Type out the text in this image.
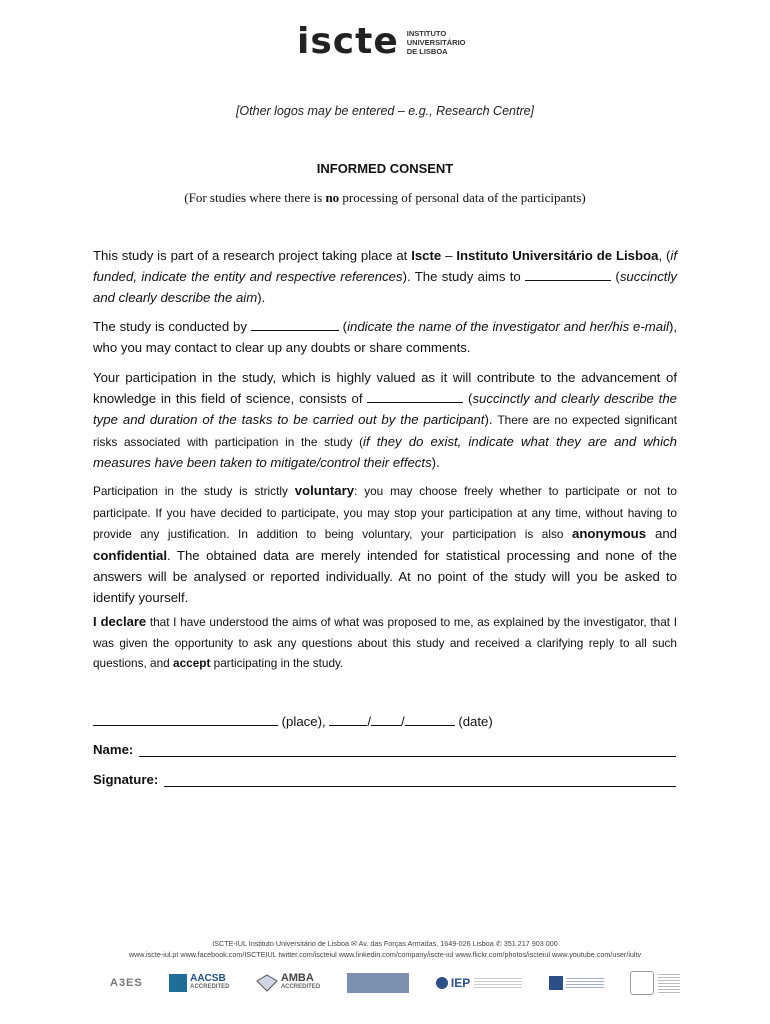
iscte INSTITUTO
UNIVERSITÁRIO
DE LISBOA
[Other logos may be entered – e.g., Research Centre]
INFORMED CONSENT
(For studies where there is no processing of personal data of the participants)
This study is part of a research project taking place at Iscte – Instituto Universitário de Lisboa, (if funded, indicate the entity and respective references). The study aims to	(succinctly and clearly describe the aim).
The study is conducted by	(indicate the name of the investigator and her/his e-mail), who you may contact to clear up any doubts or share comments.
Your participation in the study, which is highly valued as it will contribute to the advancement of knowledge in this field of science, consists of	(succinctly and clearly describe the type and duration of the tasks to be carried out by the participant). There are no expected significant risks associated with participation in the study (if they do exist, indicate what they are and which measures have been taken to mitigate/control their effects).
Participation in the study is strictly voluntary: you may choose freely whether to participate or not to participate. If you have decided to participate, you may stop your participation at any time, without having to provide any justification. In addition to being voluntary, your participation is also anonymous and confidential. The obtained data are merely intended for statistical processing and none of the answers will be analysed or reported individually. At no point of the study will you be asked to identify yourself.
I declare that I have understood the aims of what was proposed to me, as explained by the investigator, that I was given the opportunity to ask any questions about this study and received a clarifying reply to all such questions, and accept participating in the study.
(place),	/ /	(date)
Name:
Signature:
ISCTE-IUL Instituto Universitário de Lisboa ✉ Av. das Forças Armadas, 1649-026 Lisboa ✆ 351 217 903 000
www.iscte-iul.pt www.facebook.com/ISCTEIUL twitter.com/iscteiul www.linkedin.com/company/iscte-iul www.flickr.com/photos/iscteiul www.youtube.com/user/iultv
A3ES	AACSB
ACCREDITED
AMBA
ACCREDITED	IEP
